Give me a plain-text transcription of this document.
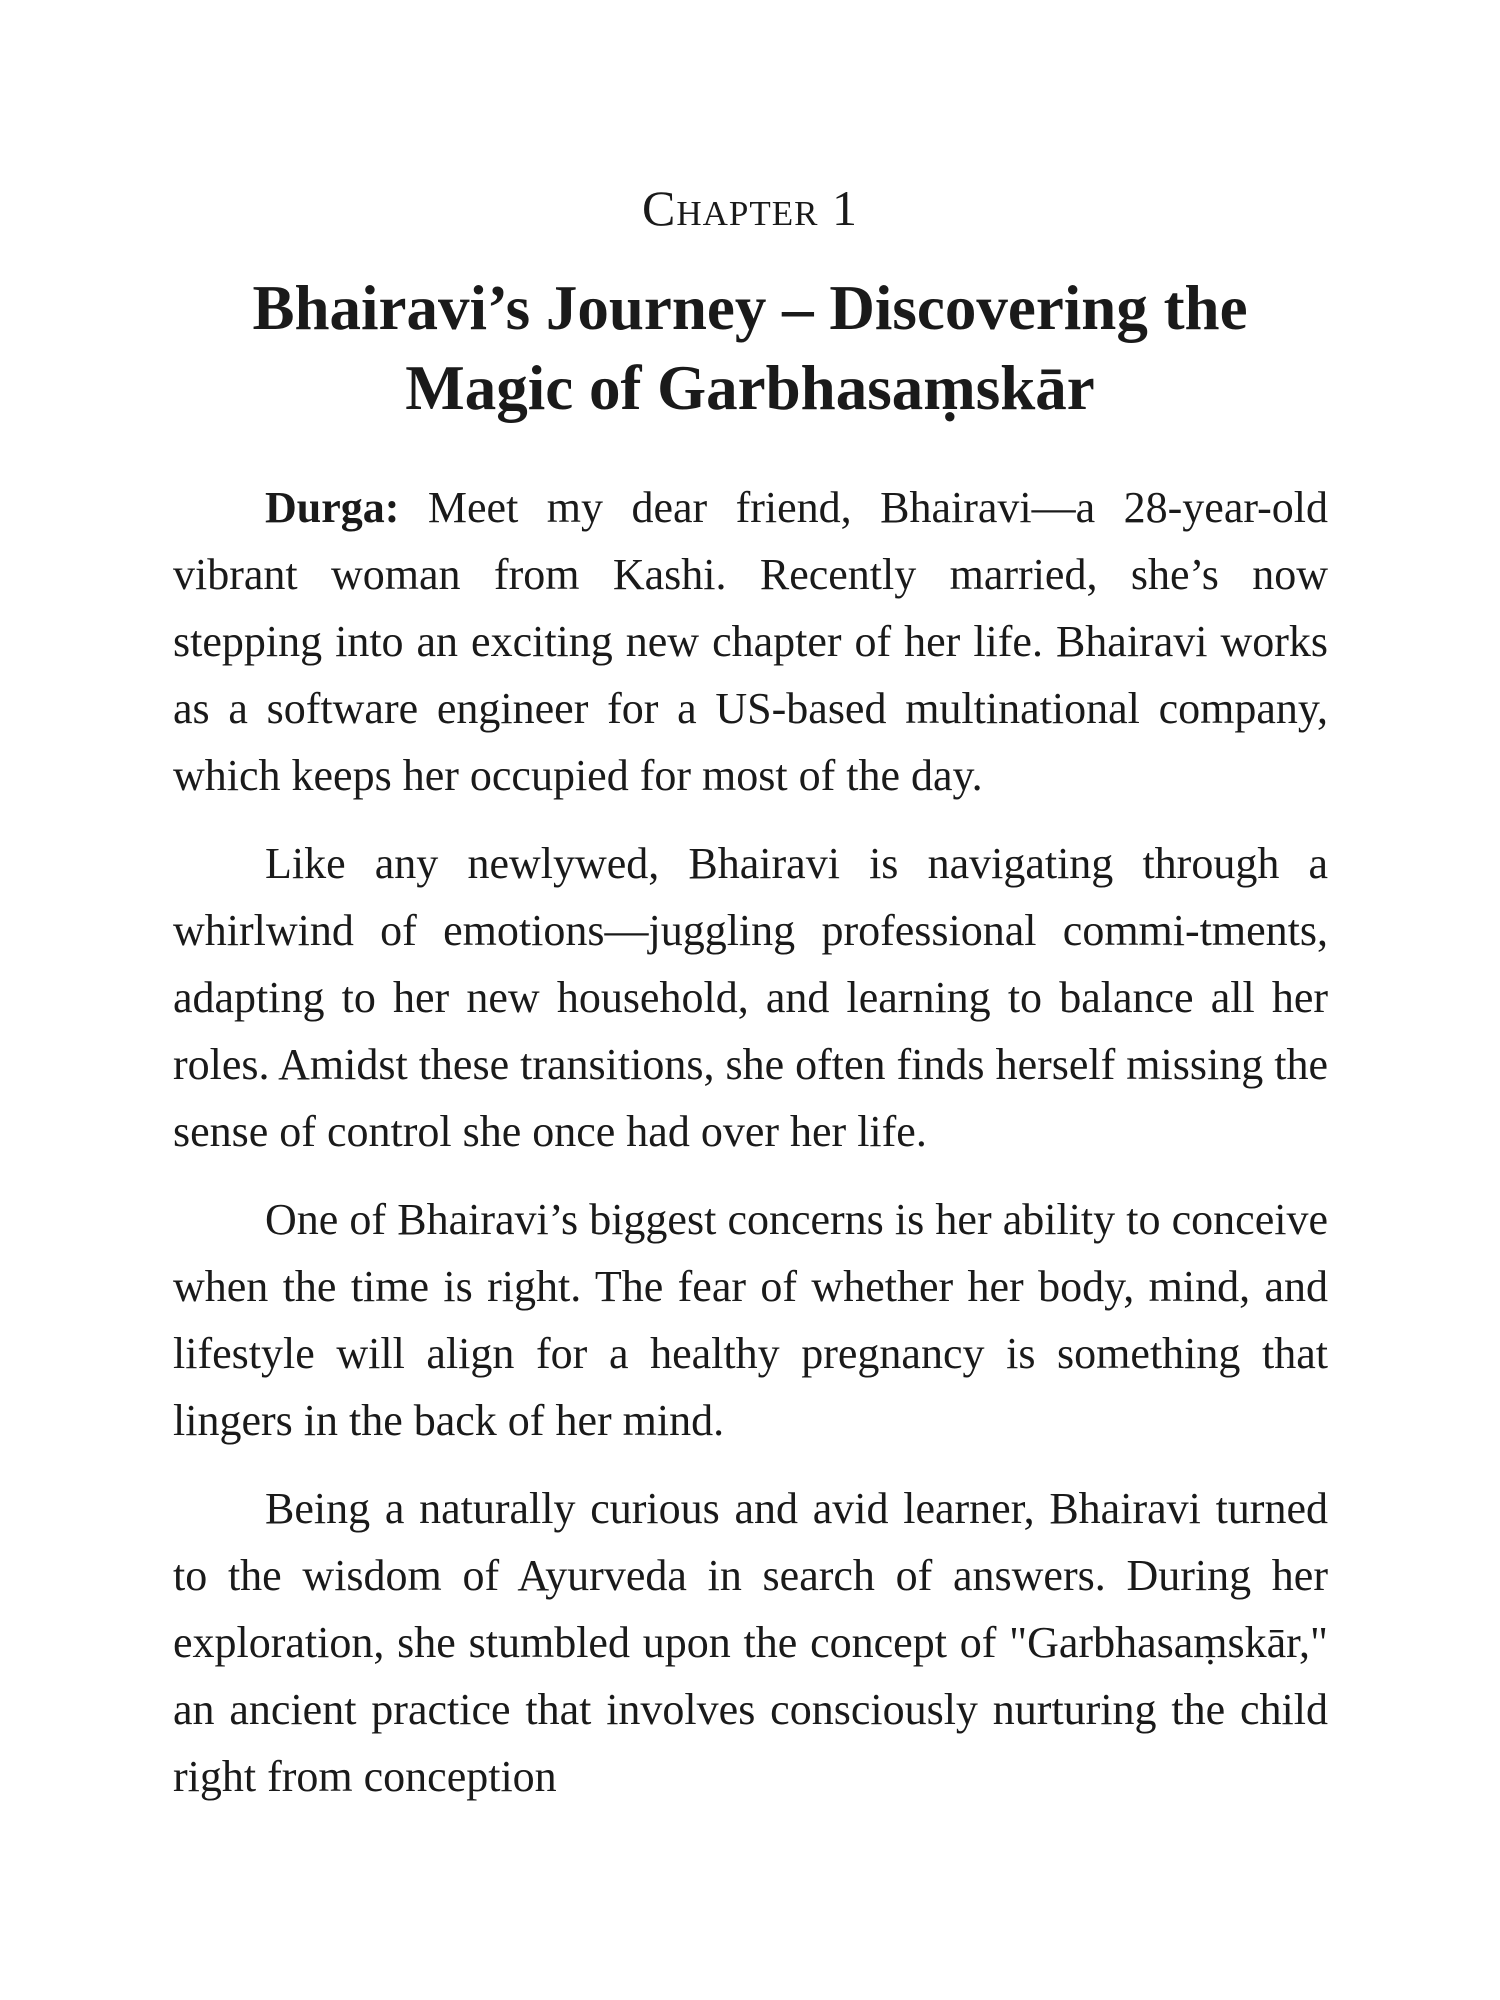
Chapter 1
Bhairavi’s Journey – Discovering the
Magic of Garbhasaṃskār

Durga: Meet my dear friend, Bhairavi—a 28-year-old vibrant woman from Kashi. Recently married, she’s now stepping into an exciting new chapter of her life. Bhairavi works as a software engineer for a US-based multinational company, which keeps her occupied for most of the day.

Like any newlywed, Bhairavi is navigating through a whirlwind of emotions—juggling professional commi-tments, adapting to her new household, and learning to balance all her roles. Amidst these transitions, she often finds herself missing the sense of control she once had over her life.

One of Bhairavi’s biggest concerns is her ability to conceive when the time is right. The fear of whether her body, mind, and lifestyle will align for a healthy pregnancy is something that lingers in the back of her mind.

Being a naturally curious and avid learner, Bhairavi turned to the wisdom of Ayurveda in search of answers. During her exploration, she stumbled upon the concept of "Garbhasaṃskār," an ancient practice that involves consciously nurturing the child right from conception
